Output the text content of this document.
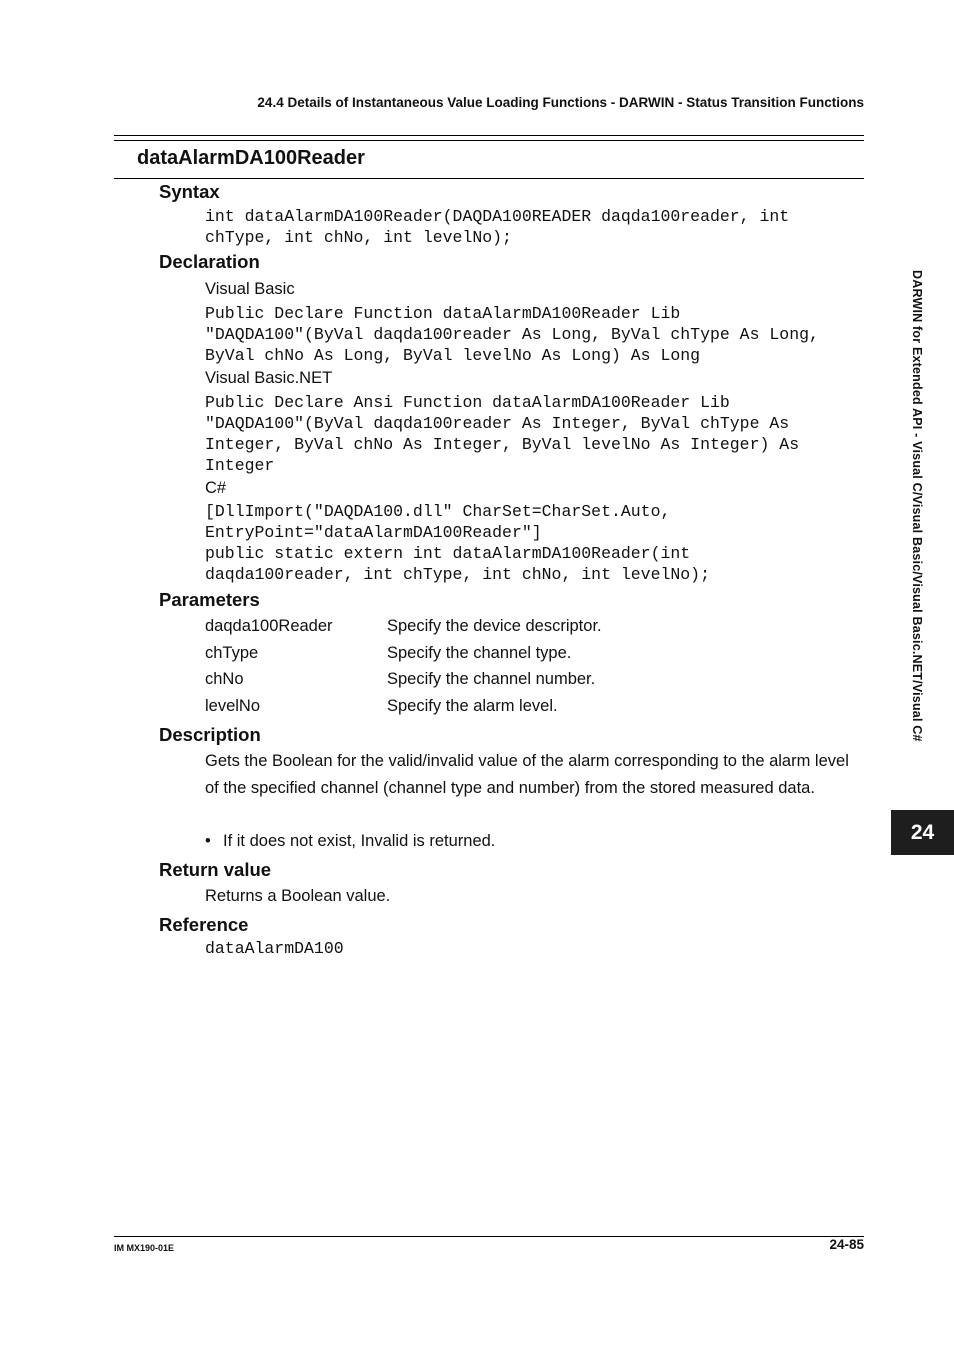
24.4 Details of Instantaneous Value Loading Functions - DARWIN - Status Transition Functions
dataAlarmDA100Reader
Syntax
int dataAlarmDA100Reader(DAQDA100READER daqda100reader, int
chType, int chNo, int levelNo);
Declaration
Visual Basic
Public Declare Function dataAlarmDA100Reader Lib
"DAQDA100"(ByVal daqda100reader As Long, ByVal chType As Long,
ByVal chNo As Long, ByVal levelNo As Long) As Long
Visual Basic.NET
Public Declare Ansi Function dataAlarmDA100Reader Lib
"DAQDA100"(ByVal daqda100reader As Integer, ByVal chType As
Integer, ByVal chNo As Integer, ByVal levelNo As Integer) As
Integer
C#
[DllImport("DAQDA100.dll" CharSet=CharSet.Auto,
EntryPoint="dataAlarmDA100Reader"]
public static extern int dataAlarmDA100Reader(int
daqda100reader, int chType, int chNo, int levelNo);
Parameters
daqda100Reader	Specify the device descriptor.
chType	Specify the channel type.
chNo	Specify the channel number.
levelNo	Specify the alarm level.
Description
Gets the Boolean for the valid/invalid value of the alarm corresponding to the alarm level of the specified channel (channel type and number) from the stored measured data.
• If it does not exist, Invalid is returned.
Return value
Returns a Boolean value.
Reference
dataAlarmDA100
DARWIN for Extended API - Visual C/Visual Basic/Visual Basic.NET/Visual C#
24
IM MX190-01E	24-85
